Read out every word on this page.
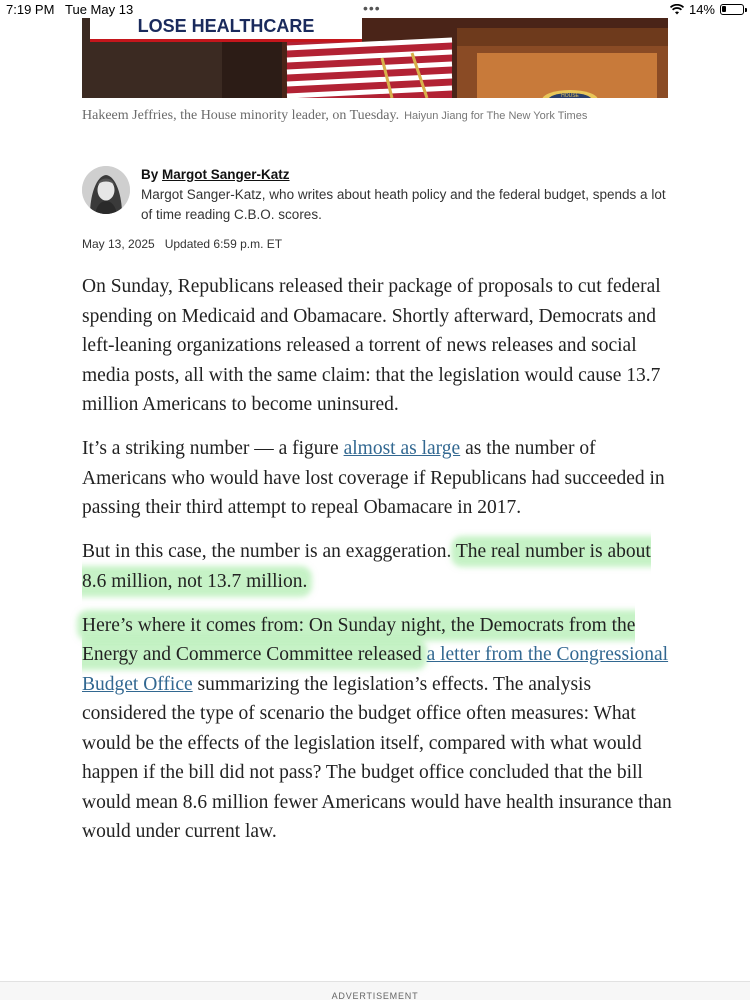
7:19 PM Tue May 13	•••	14%
LOSE HEALTHCARE
HOUSE
Hakeem Jeffries, the House minority leader, on Tuesday. Haiyun Jiang for The New York Times
By Margot Sanger-Katz
Margot Sanger-Katz, who writes about heath policy and the federal budget, spends a lot of time reading C.B.O. scores.
May 13, 2025 Updated 6:59 p.m. ET

On Sunday, Republicans released their package of proposals to cut federal spending on Medicaid and Obamacare. Shortly afterward, Democrats and left-leaning organizations released a torrent of news releases and social media posts, all with the same claim: that the legislation would cause 13.7 million Americans to become uninsured.

It’s a striking number — a figure almost as large as the number of Americans who would have lost coverage if Republicans had succeeded in passing their third attempt to repeal Obamacare in 2017.

But in this case, the number is an exaggeration. The real number is about 8.6 million, not 13.7 million.

Here’s where it comes from: On Sunday night, the Democrats from the Energy and Commerce Committee released a letter from the Congressional Budget Office summarizing the legislation’s effects. The analysis considered the type of scenario the budget office often measures: What would be the effects of the legislation itself, compared with what would happen if the bill did not pass? The budget office concluded that the bill would mean 8.6 million fewer Americans would have health insurance than would under current law.

ADVERTISEMENT
